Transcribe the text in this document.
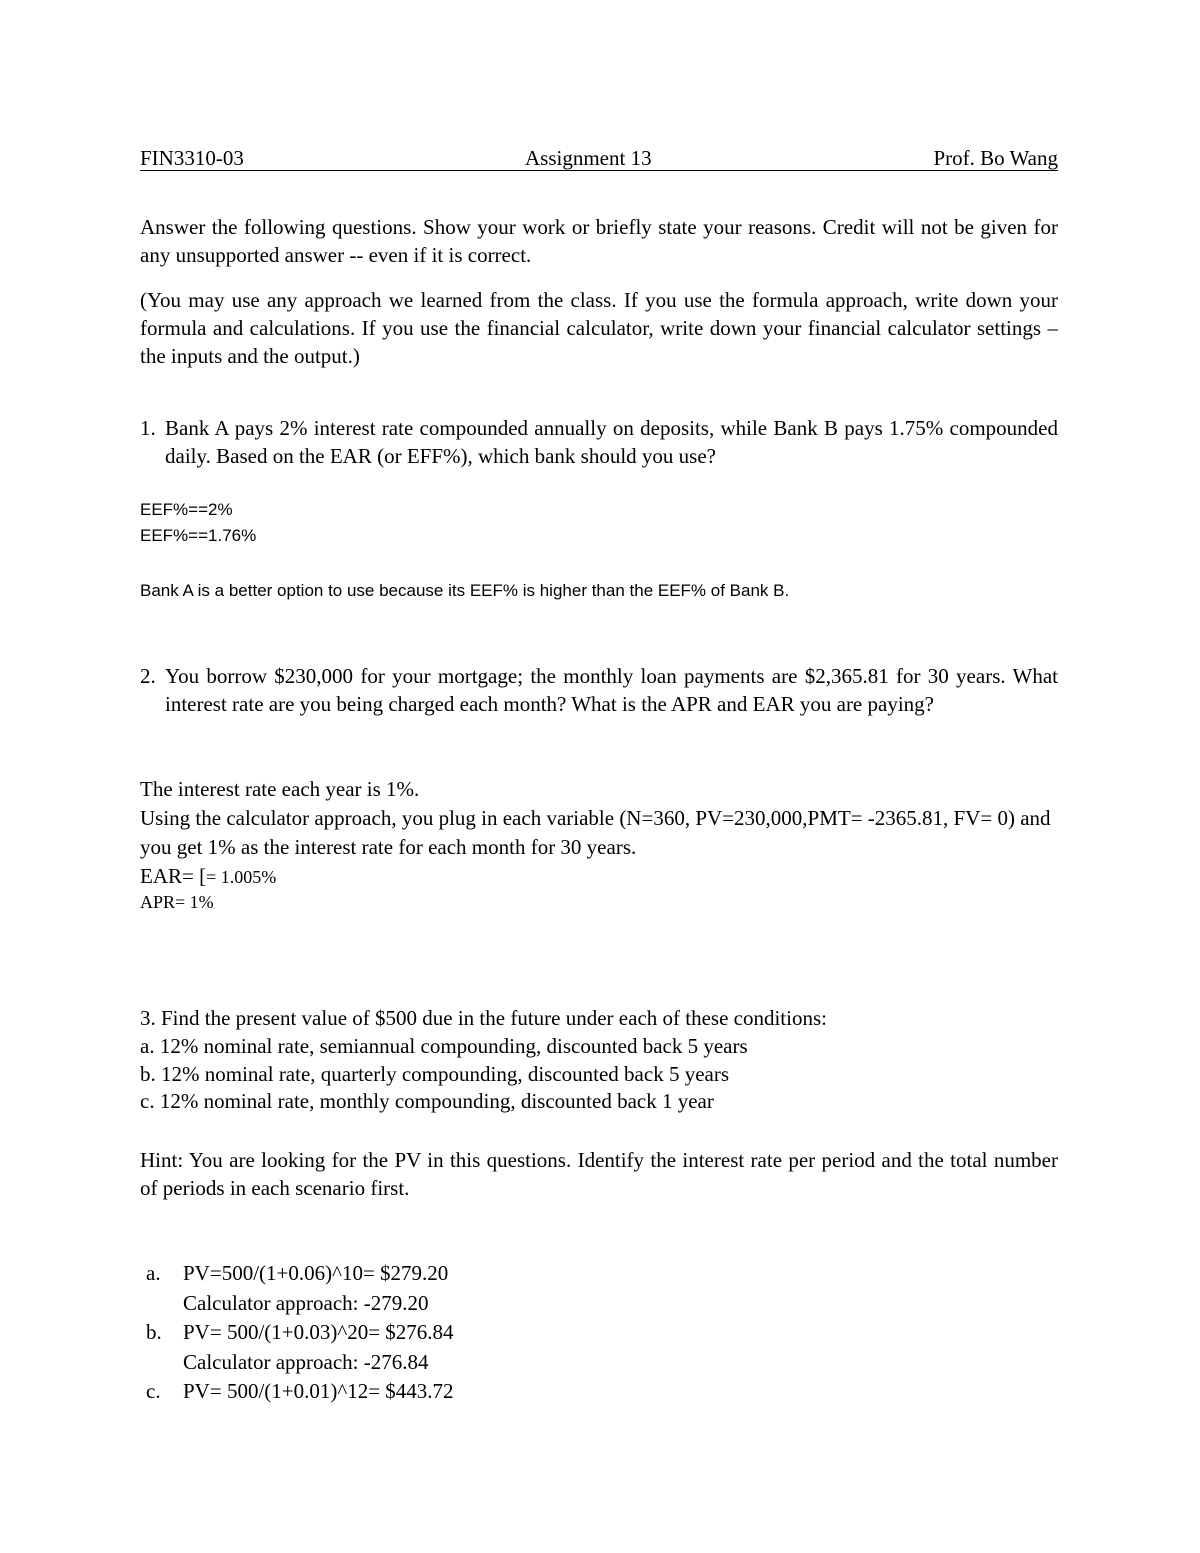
FIN3310-03	Assignment 13	Prof. Bo Wang
Answer the following questions. Show your work or briefly state your reasons. Credit will not be given for any unsupported answer -- even if it is correct.
(You may use any approach we learned from the class. If you use the formula approach, write down your formula and calculations. If you use the financial calculator, write down your financial calculator settings – the inputs and the output.)
1. Bank A pays 2% interest rate compounded annually on deposits, while Bank B pays 1.75% compounded daily. Based on the EAR (or EFF%), which bank should you use?
EEF%==2%
EEF%==1.76%
Bank A is a better option to use because its EEF% is higher than the EEF% of Bank B.
2. You borrow $230,000 for your mortgage; the monthly loan payments are $2,365.81 for 30 years. What interest rate are you being charged each month? What is the APR and EAR you are paying?
The interest rate each year is 1%.
Using the calculator approach, you plug in each variable (N=360, PV=230,000,PMT= -2365.81, FV= 0) and you get 1% as the interest rate for each month for 30 years.
EAR= [= 1.005%
APR= 1%
3. Find the present value of $500 due in the future under each of these conditions:
a. 12% nominal rate, semiannual compounding, discounted back 5 years
b. 12% nominal rate, quarterly compounding, discounted back 5 years
c. 12% nominal rate, monthly compounding, discounted back 1 year
Hint: You are looking for the PV in this questions. Identify the interest rate per period and the total number of periods in each scenario first.
a. PV=500/(1+0.06)^10= $279.20
Calculator approach: -279.20
b. PV= 500/(1+0.03)^20= $276.84
Calculator approach: -276.84
c. PV= 500/(1+0.01)^12= $443.72
